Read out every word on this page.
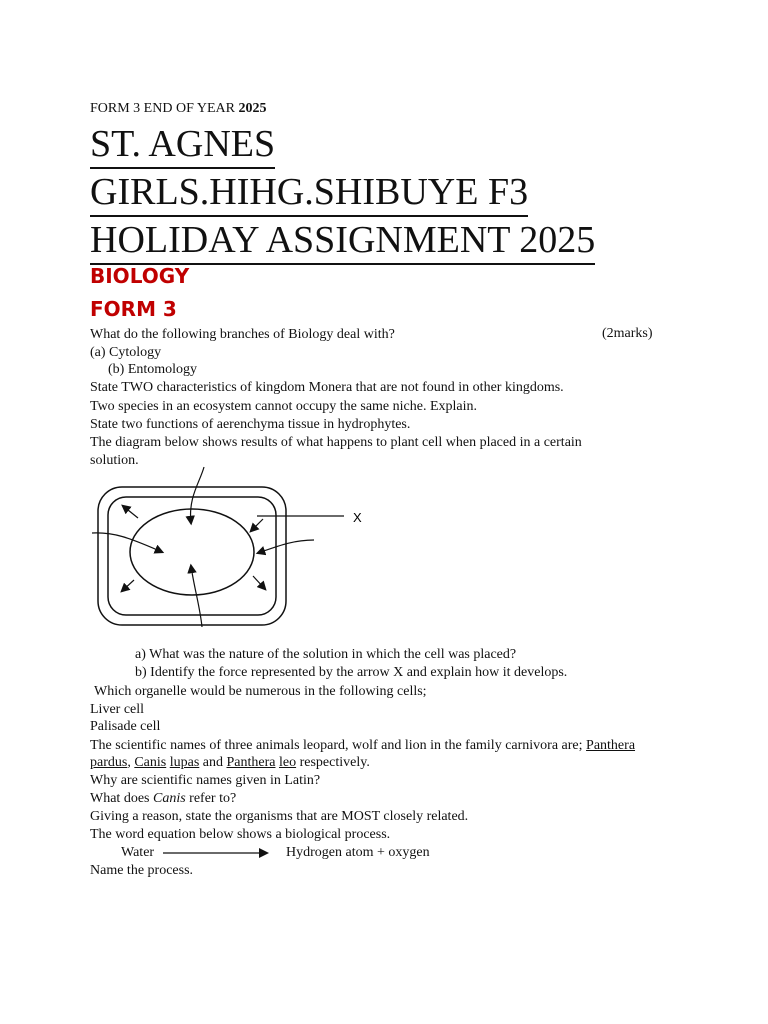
FORM 3 END OF YEAR 2025
ST. AGNES
GIRLS.HIHG.SHIBUYE F3
HOLIDAY ASSIGNMENT 2025
BIOLOGY
FORM 3
What do the following branches of Biology deal with?	(2marks)
(a) Cytology
(b) Entomology
State TWO characteristics of kingdom Monera that are not found in other kingdoms.
Two species in an ecosystem cannot occupy the same niche. Explain.
State two functions of aerenchyma tissue in hydrophytes.
The diagram below shows results of what happens to plant cell when placed in a certain
solution.
X
a) What was the nature of the solution in which the cell was placed?
b) Identify the force represented by the arrow X and explain how it develops.
Which organelle would be numerous in the following cells;
Liver cell
Palisade cell
The scientific names of three animals leopard, wolf and lion in the family carnivora are; Panthera
pardus, Canis lupas and Panthera leo respectively.
Why are scientific names given in Latin?
What does Canis refer to?
Giving a reason, state the organisms that are MOST closely related.
The word equation below shows a biological process.
Water	Hydrogen atom + oxygen
Name the process.
